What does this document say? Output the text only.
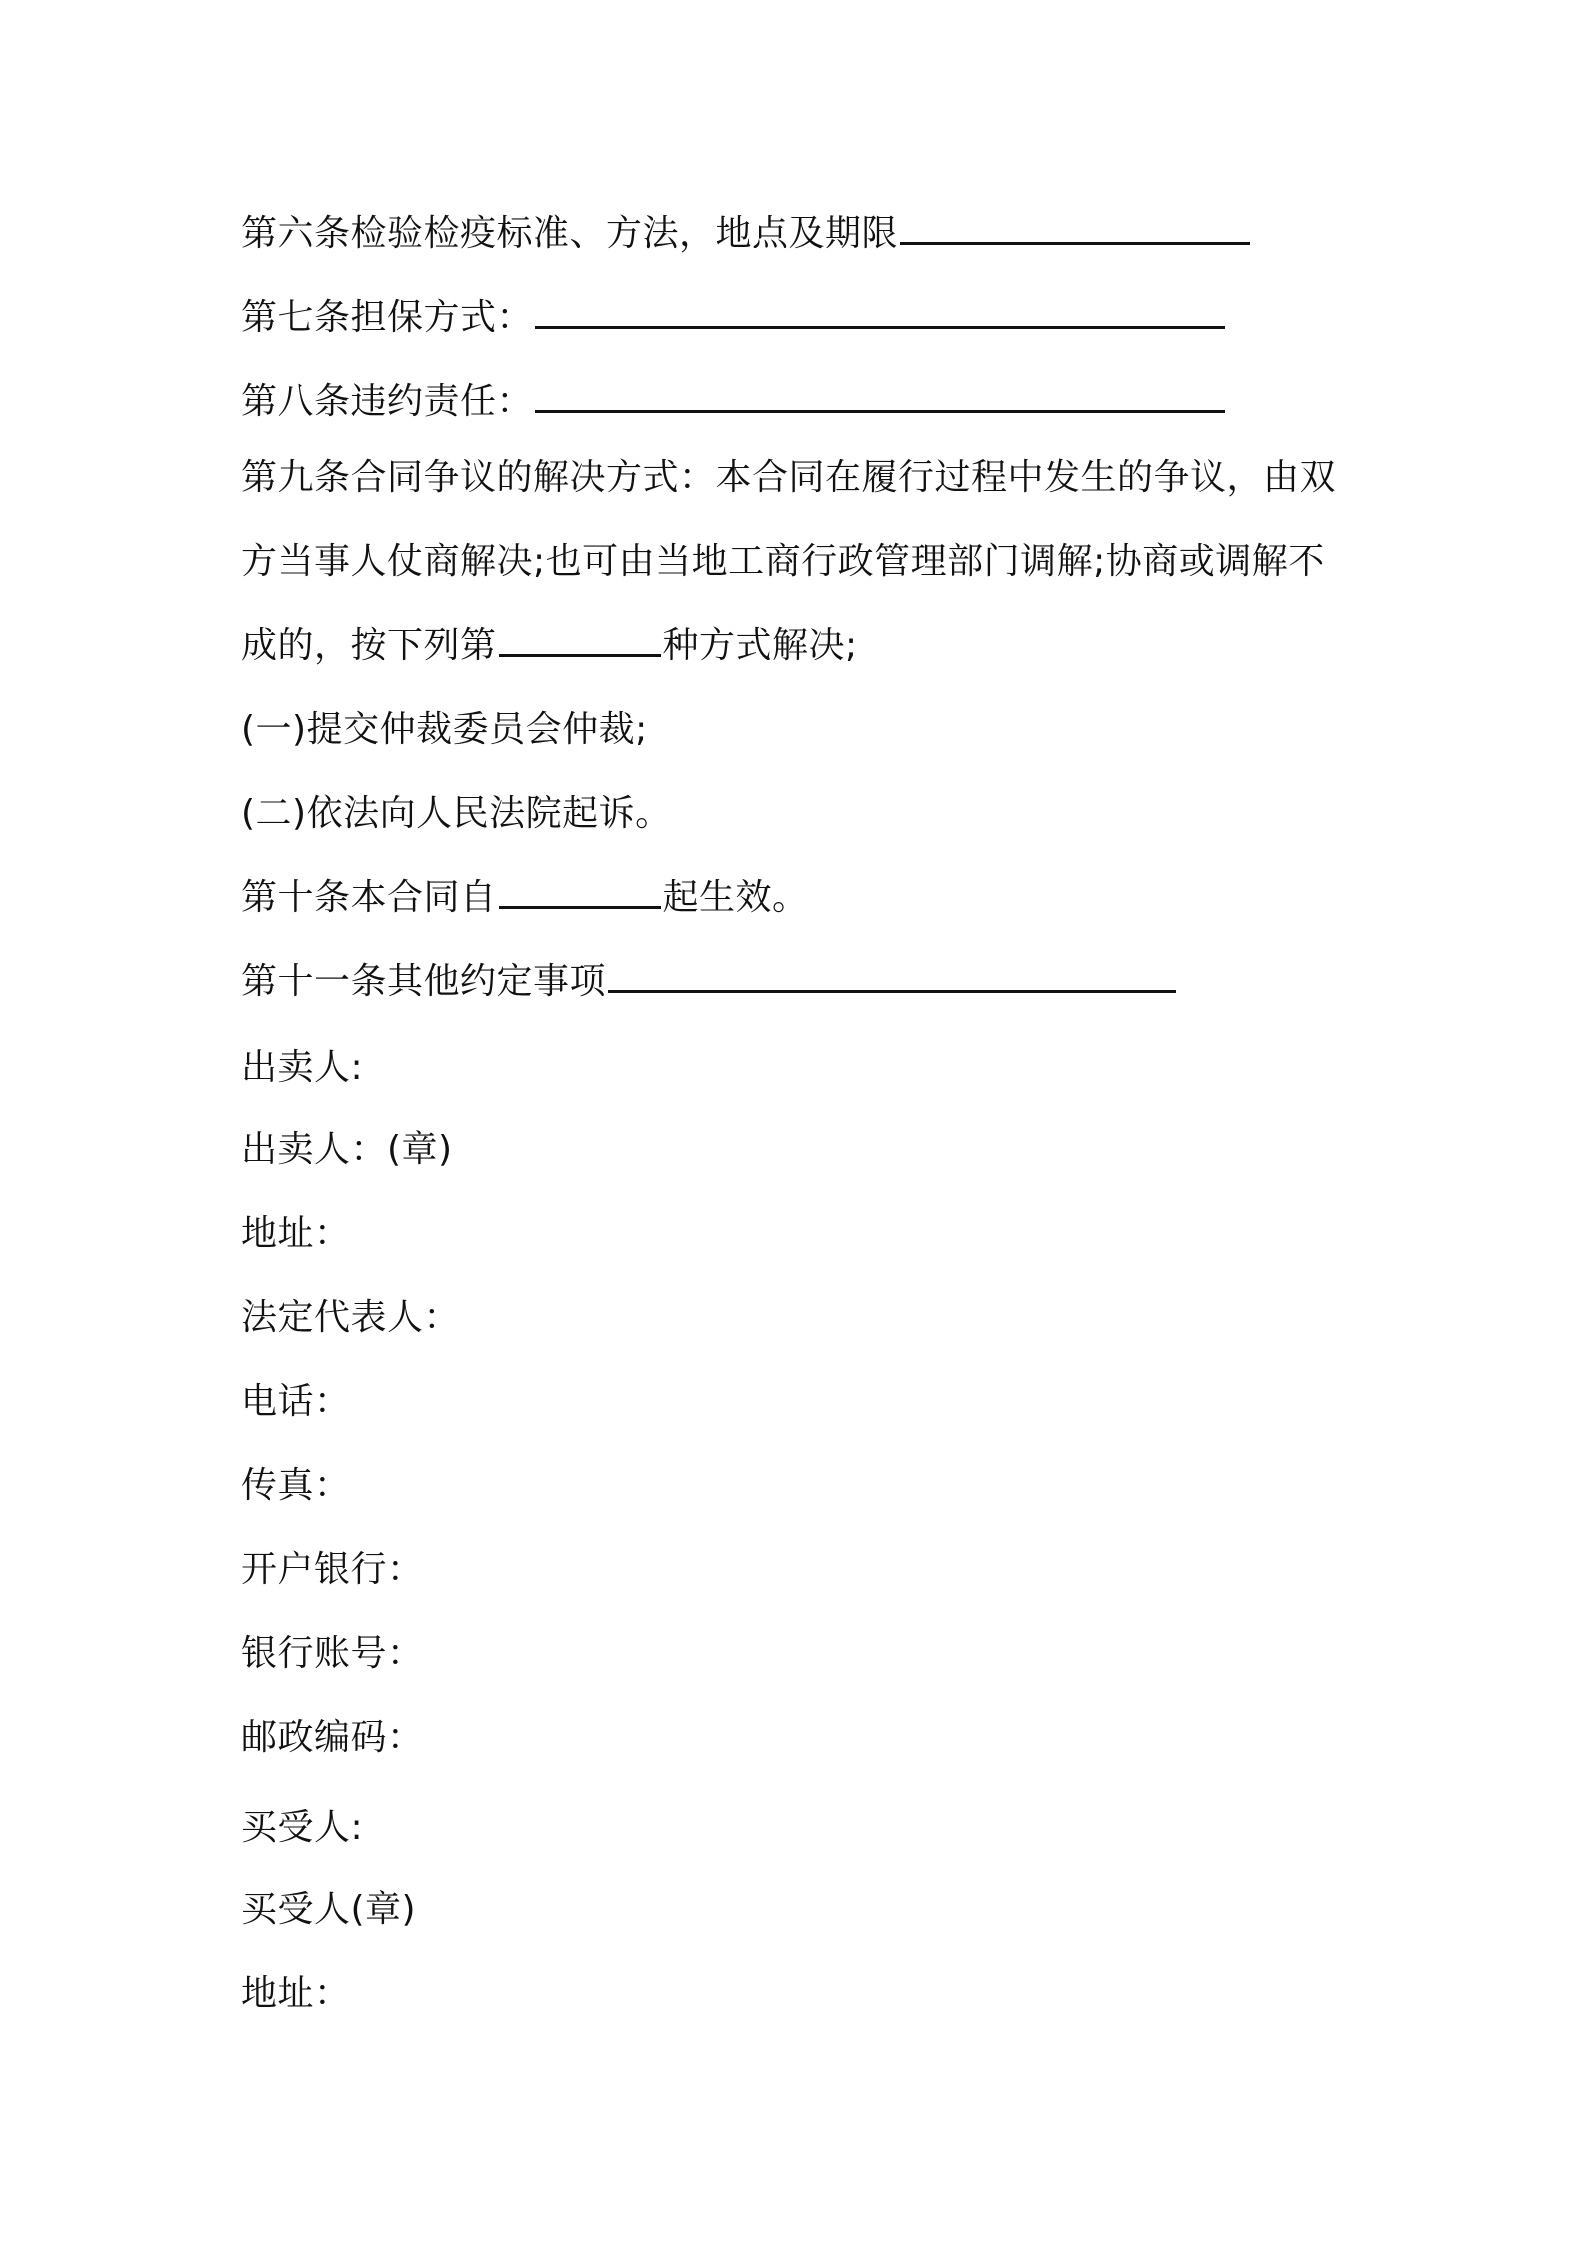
第六条检验检疫标准、方法，地点及期限
第七条担保方式：
第八条违约责任：
第九条合同争议的解决方式：本合同在履行过程中发生的争议，由双
方当事人仗商解决;也可由当地工商行政管理部门调解;协商或调解不
成的，按下列第	种方式解决;
(一)提交仲裁委员会仲裁;
(二)依法向人民法院起诉。
第十条本合同自	起生效。
第十一条其他约定事项
出卖人:
出卖人：(章)
地址：
法定代表人：
电话：
传真：
开户银行：
银行账号：
邮政编码：
买受人:
买受人(章)
地址：
